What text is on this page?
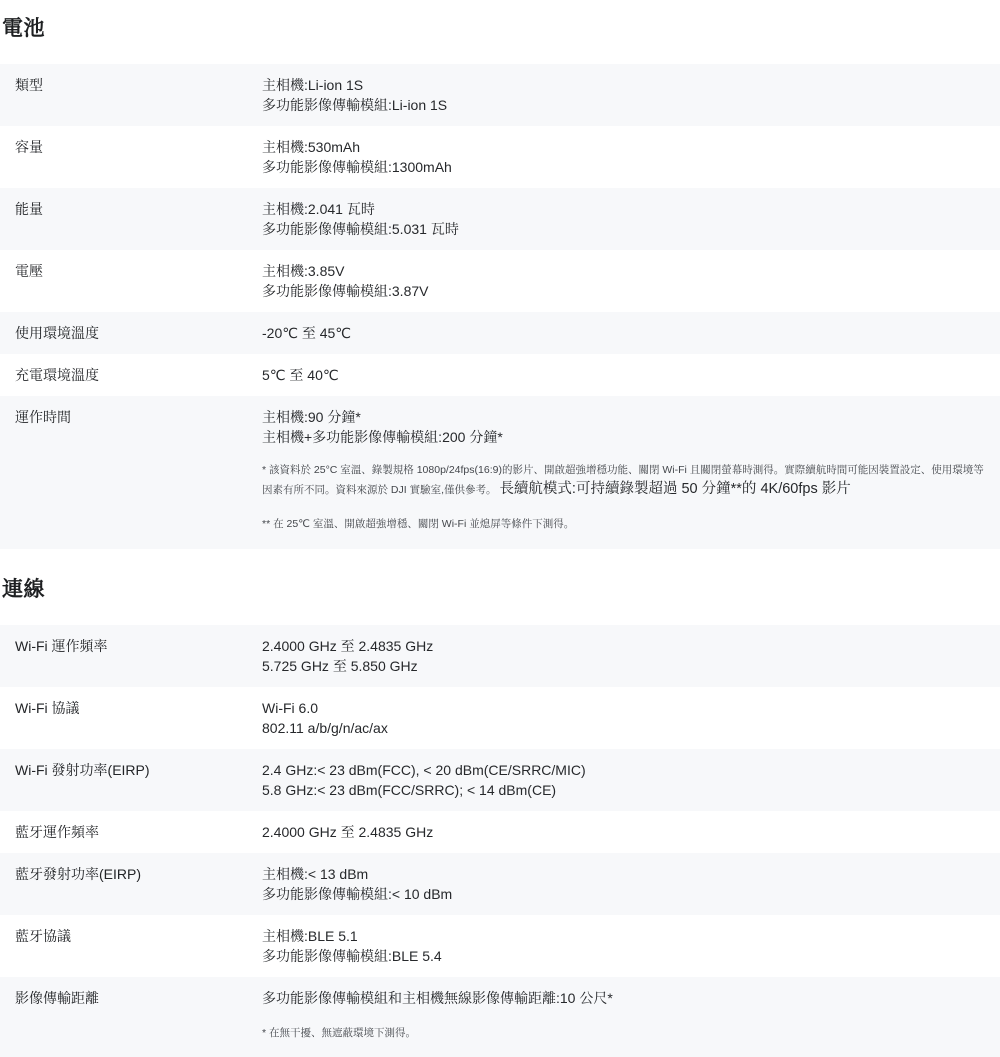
電池
類型	主相機:Li-ion 1S
多功能影像傳輸模組:Li-ion 1S
容量	主相機:530mAh
多功能影像傳輸模組:1300mAh
能量	主相機:2.041 瓦時
多功能影像傳輸模組:5.031 瓦時
電壓	主相機:3.85V
多功能影像傳輸模組:3.87V
使用環境溫度	-20℃ 至 45℃
充電環境溫度	5℃ 至 40℃
運作時間	主相機:90 分鐘*
主相機+多功能影像傳輸模組:200 分鐘*

* 該資料於 25°C 室溫、錄製規格 1080p/24fps(16:9)的影片、開啟超強增穩功能、關閉 Wi-Fi 且關閉螢幕時測得。實際續航時間可能因裝置設定、使用環境等因素有所不同。資料來源於 DJI 實驗室,僅供參考。 長續航模式:可持續錄製超過 50 分鐘**的 4K/60fps 影片

** 在 25℃ 室溫、開啟超強增穩、關閉 Wi-Fi 並熄屏等條件下測得。

連線
Wi-Fi 運作頻率	2.4000 GHz 至 2.4835 GHz
5.725 GHz 至 5.850 GHz
Wi-Fi 協議	Wi-Fi 6.0
802.11 a/b/g/n/ac/ax
Wi-Fi 發射功率(EIRP)	2.4 GHz:< 23 dBm(FCC), < 20 dBm(CE/SRRC/MIC)
5.8 GHz:< 23 dBm(FCC/SRRC); < 14 dBm(CE)
藍牙運作頻率	2.4000 GHz 至 2.4835 GHz
藍牙發射功率(EIRP)	主相機:< 13 dBm
多功能影像傳輸模組:< 10 dBm
藍牙協議	主相機:BLE 5.1
多功能影像傳輸模組:BLE 5.4
影像傳輸距離	多功能影像傳輸模組和主相機無線影像傳輸距離:10 公尺*

* 在無干擾、無遮蔽環境下測得。
